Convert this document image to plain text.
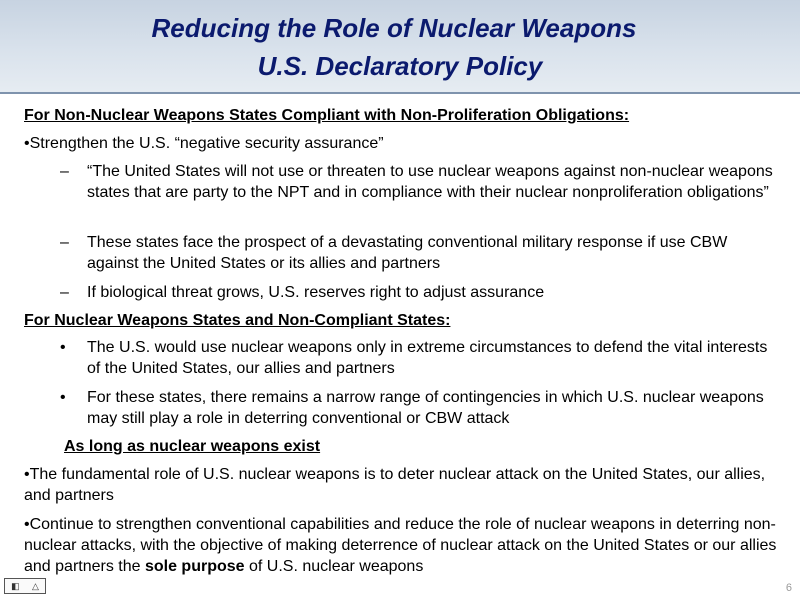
Reducing the Role of Nuclear Weapons
U.S. Declaratory Policy

For Non-Nuclear Weapons States Compliant with Non-Proliferation Obligations:

•Strengthen the U.S. “negative security assurance”

– “The United States will not use or threaten to use nuclear weapons against non-nuclear weapons states that are party to the NPT and in compliance with their nuclear nonproliferation obligations”
– These states face the prospect of a devastating conventional military response if use CBW against the United States or its allies and partners
– If biological threat grows, U.S. reserves right to adjust assurance

For Nuclear Weapons States and Non-Compliant States:

• The U.S. would use nuclear weapons only in extreme circumstances to defend the vital interests of the United States, our allies and partners
• For these states, there remains a narrow range of contingencies in which U.S. nuclear weapons may still play a role in deterring conventional or CBW attack

As long as nuclear weapons exist

•The fundamental role of U.S. nuclear weapons is to deter nuclear attack on the United States, our allies, and partners

•Continue to strengthen conventional capabilities and reduce the role of nuclear weapons in deterring non-nuclear attacks, with the objective of making deterrence of nuclear attack on the United States or our allies and partners the sole purpose of U.S. nuclear weapons

◧ △	6
